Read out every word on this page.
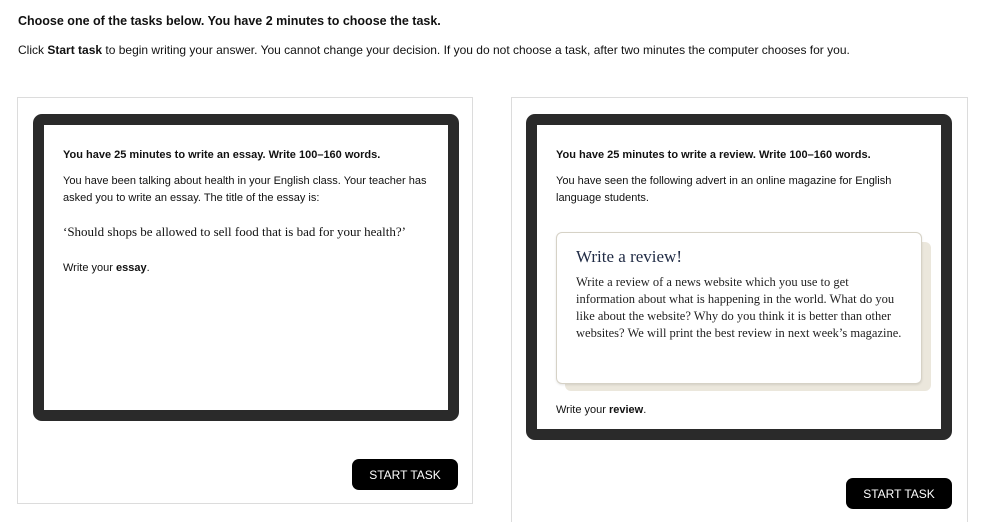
Choose one of the tasks below. You have 2 minutes to choose the task.
Click Start task to begin writing your answer. You cannot change your decision. If you do not choose a task, after two minutes the computer chooses for you.

You have 25 minutes to write an essay. Write 100–160 words.

You have been talking about health in your English class. Your teacher has asked you to write an essay. The title of the essay is:

‘Should shops be allowed to sell food that is bad for your health?’

Write your essay.

START TASK

You have 25 minutes to write a review. Write 100–160 words.

You have seen the following advert in an online magazine for English language students.

Write a review!

Write a review of a news website which you use to get information about what is happening in the world. What do you like about the website? Why do you think it is better than other websites? We will print the best review in next week’s magazine.

Write your review.
START TASK
